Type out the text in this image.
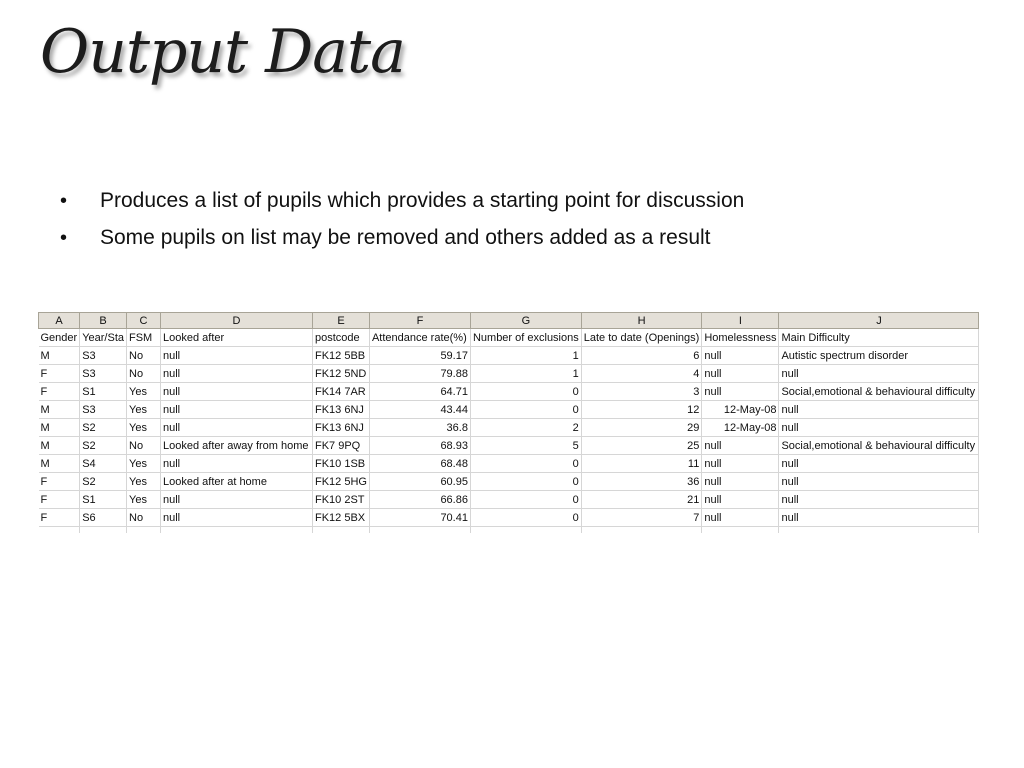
Output Data
• Produces a list of pupils which provides a starting point for discussion
• Some pupils on list may be removed and others added as a result
A	B	C	D	E	F	G	H	I	J
Gender	Year/Sta	FSM	Looked after	postcode	Attendance rate(%)	Number of exclusions	Late to date (Openings)	Homelessness	Main Difficulty
M	S3	No	null	FK12 5BB	59.17	1	6	null	Autistic spectrum disorder
F	S3	No	null	FK12 5ND	79.88	1	4	null	null
F	S1	Yes	null	FK14 7AR	64.71	0	3	null	Social,emotional & behavioural difficulty
M	S3	Yes	null	FK13 6NJ	43.44	0	12	12-May-08	null
M	S2	Yes	null	FK13 6NJ	36.8	2	29	12-May-08	null
M	S2	No	Looked after away from home	FK7 9PQ	68.93	5	25	null	Social,emotional & behavioural difficulty
M	S4	Yes	null	FK10 1SB	68.48	0	11	null	null
F	S2	Yes	Looked after at home	FK12 5HG	60.95	0	36	null	null
F	S1	Yes	null	FK10 2ST	66.86	0	21	null	null
F	S6	No	null	FK12 5BX	70.41	0	7	null	null
